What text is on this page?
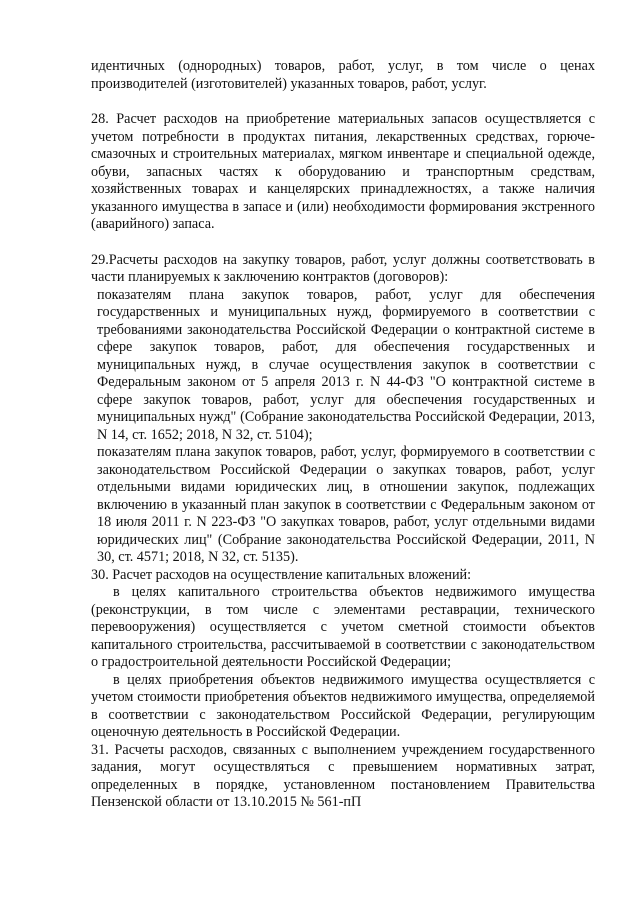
идентичных (однородных) товаров, работ, услуг, в том числе о ценах производителей (изготовителей) указанных товаров, работ, услуг.

28. Расчет расходов на приобретение материальных запасов осуществляется с учетом потребности в продуктах питания, лекарственных средствах, горюче-смазочных и строительных материалах, мягком инвентаре и специальной одежде, обуви, запасных частях к оборудованию и транспортным средствам, хозяйственных товарах и канцелярских принадлежностях, а также наличия указанного имущества в запасе и (или) необходимости формирования экстренного (аварийного) запаса.

29.Расчеты расходов на закупку товаров, работ, услуг должны соответствовать в части планируемых к заключению контрактов (договоров):

показателям плана закупок товаров, работ, услуг для обеспечения государственных и муниципальных нужд, формируемого в соответствии с требованиями законодательства Российской Федерации о контрактной системе в сфере закупок товаров, работ, для обеспечения государственных и муниципальных нужд, в случае осуществления закупок в соответствии с Федеральным законом от 5 апреля 2013 г. N 44-ФЗ "О контрактной системе в сфере закупок товаров, работ, услуг для обеспечения государственных и муниципальных нужд" (Собрание законодательства Российской Федерации, 2013, N 14, ст. 1652; 2018, N 32, ст. 5104);

показателям плана закупок товаров, работ, услуг, формируемого в соответствии с законодательством Российской Федерации о закупках товаров, работ, услуг отдельными видами юридических лиц, в отношении закупок, подлежащих включению в указанный план закупок в соответствии с Федеральным законом от 18 июля 2011 г. N 223-ФЗ "О закупках товаров, работ, услуг отдельными видами юридических лиц" (Собрание законодательства Российской Федерации, 2011, N 30, ст. 4571; 2018, N 32, ст. 5135).

30. Расчет расходов на осуществление капитальных вложений:

в целях капитального строительства объектов недвижимого имущества (реконструкции, в том числе с элементами реставрации, технического перевооружения) осуществляется с учетом сметной стоимости объектов капитального строительства, рассчитываемой в соответствии с законодательством о градостроительной деятельности Российской Федерации;

в целях приобретения объектов недвижимого имущества осуществляется с учетом стоимости приобретения объектов недвижимого имущества, определяемой в соответствии с законодательством Российской Федерации, регулирующим оценочную деятельность в Российской Федерации.

31. Расчеты расходов, связанных с выполнением учреждением государственного задания, могут осуществляться с превышением нормативных затрат, определенных в порядке, установленном постановлением Правительства Пензенской области от 13.10.2015 № 561-пП
